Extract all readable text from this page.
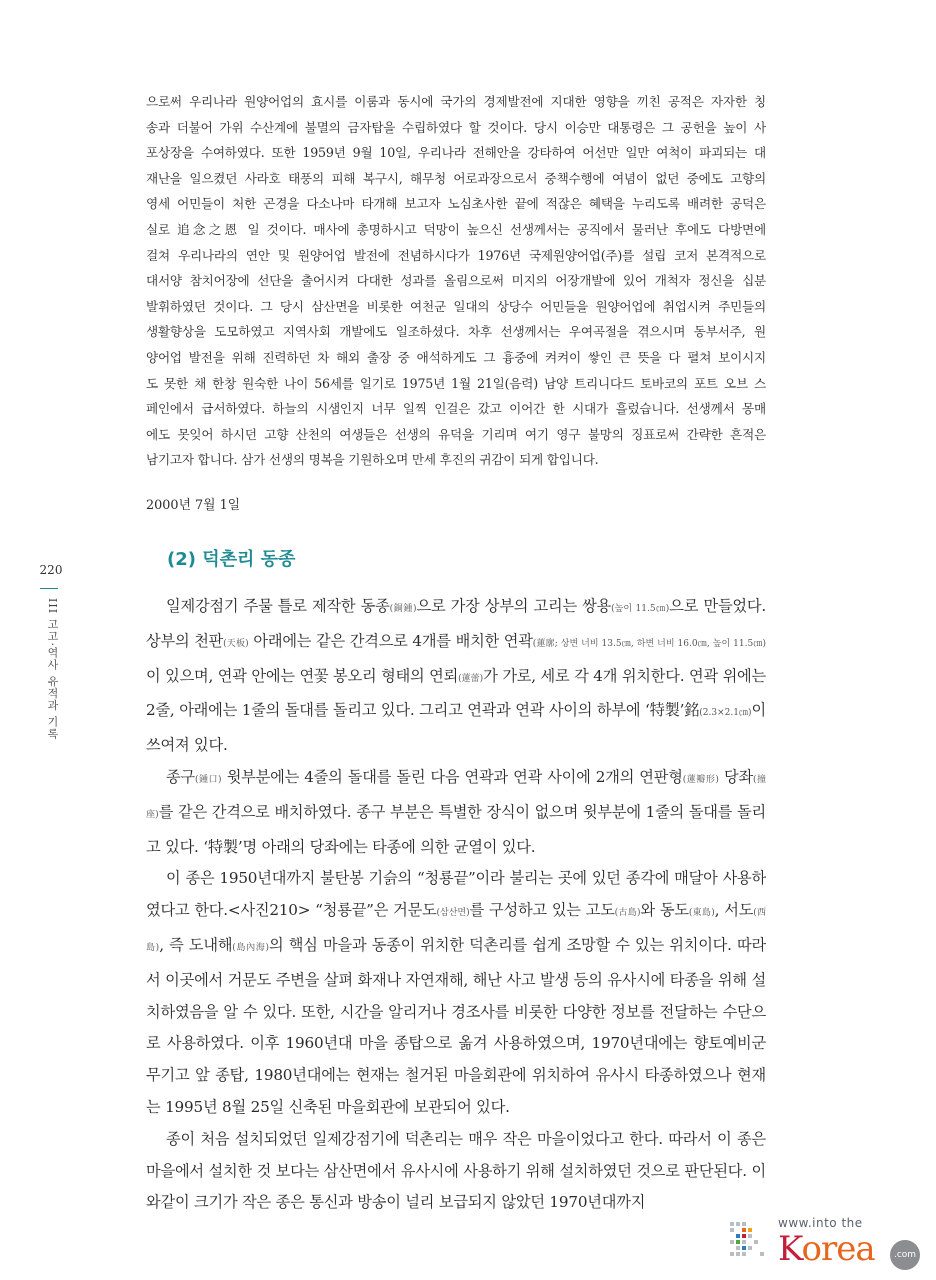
으로써 우리나라 원양어업의 효시를 이룸과 동시에 국가의 경제발전에 지대한 영향을 끼친 공적은 자자한 칭
송과 더불어 가위 수산계에 불멸의 금자탑을 수립하였다 할 것이다. 당시 이승만 대통령은 그 공헌을 높이 사
포상장을 수여하였다. 또한 1959년 9월 10일, 우리나라 전해안을 강타하여 어선만 일만 여척이 파괴되는 대
재난을 일으켰던 사라호 태풍의 피해 복구시, 해무청 어로과장으로서 중책수행에 여념이 없던 중에도 고향의
영세 어민들이 처한 곤경을 다소나마 타개해 보고자 노심초사한 끝에 적잖은 혜택을 누리도록 배려한 공덕은
실로 追念之恩 일 것이다. 매사에 총명하시고 덕망이 높으신 선생께서는 공직에서 물러난 후에도 다방면에
걸쳐 우리나라의 연안 및 원양어업 발전에 전념하시다가 1976년 국제원양어업(주)를 설립 코저 본격적으로
대서양 참치어장에 선단을 출어시켜 다대한 성과를 올림으로써 미지의 어장개발에 있어 개척자 정신을 십분
발휘하였던 것이다. 그 당시 삼산면을 비롯한 여천군 일대의 상당수 어민들을 원양어업에 취업시켜 주민들의
생활향상을 도모하였고 지역사회 개발에도 일조하셨다. 차후 선생께서는 우여곡절을 겪으시며 동부서주, 원
양어업 발전을 위해 진력하던 차 해외 출장 중 애석하게도 그 흉중에 켜켜이 쌓인 큰 뜻을 다 펼쳐 보이시지
도 못한 채 한창 원숙한 나이 56세를 일기로 1975년 1월 21일(음력) 남양 트리니다드 토바코의 포트 오브 스
페인에서 급서하였다. 하늘의 시샘인지 너무 일찍 인걸은 갔고 이어간 한 시대가 흘렀습니다. 선생께서 몽매
에도 못잊어 하시던 고향 산천의 여생들은 선생의 유덕을 기리며 여기 영구 불망의 징표로써 간략한 흔적은
남기고자 합니다. 삼가 선생의 명복을 기원하오며 만세 후진의 귀감이 되게 합입니다.
2000년 7월 1일
(2) 덕촌리 동종
220
III 고고·역사 유적과 기록	일제강점기 주물 틀로 제작한 동종(銅鍾)으로 가장 상부의 고리는 쌍용(높이 11.5㎝)으로 만들었다. 상부의 천판(天板) 아래에는 같은 간격으로 4개를 배치한 연곽(蓮廓; 상변 너비 13.5㎝, 하변 너비 16.0㎝, 높이 11.5㎝)이 있으며, 연곽 안에는 연꽃 봉오리 형태의 연뢰(蓮蕾)가 가로, 세로 각 4개 위치한다. 연곽 위에는 2줄, 아래에는 1줄의 돌대를 돌리고 있다. 그리고 연곽과 연곽 사이의 하부에 ‘特製’銘(2.3×2.1㎝)이 쓰여져 있다.

종구(鍾口) 윗부분에는 4줄의 돌대를 돌린 다음 연곽과 연곽 사이에 2개의 연판형(蓮瓣形) 당좌(撞座)를 같은 간격으로 배치하였다. 종구 부분은 특별한 장식이 없으며 윗부분에 1줄의 돌대를 돌리고 있다. ‘特製’명 아래의 당좌에는 타종에 의한 균열이 있다.

이 종은 1950년대까지 불탄봉 기슭의 “청룡끝”이라 불리는 곳에 있던 종각에 매달아 사용하였다고 한다.<사진210> “청룡끝”은 거문도(삼산면)를 구성하고 있는 고도(古島)와 동도(東島), 서도(西島), 즉 도내해(島內海)의 핵심 마을과 동종이 위치한 덕촌리를 쉽게 조망할 수 있는 위치이다. 따라서 이곳에서 거문도 주변을 살펴 화재나 자연재해, 해난 사고 발생 등의 유사시에 타종을 위해 설치하였음을 알 수 있다. 또한, 시간을 알리거나 경조사를 비롯한 다양한 정보를 전달하는 수단으로 사용하였다. 이후 1960년대 마을 종탑으로 옮겨 사용하였으며, 1970년대에는 향토예비군 무기고 앞 종탑, 1980년대에는 현재는 철거된 마을회관에 위치하여 유사시 타종하였으나 현재는 1995년 8월 25일 신축된 마을회관에 보관되어 있다.

종이 처음 설치되었던 일제강점기에 덕촌리는 매우 작은 마을이었다고 한다. 따라서 이 종은 마을에서 설치한 것 보다는 삼산면에서 유사시에 사용하기 위해 설치하였던 것으로 판단된다. 이와같이 크기가 작은 종은 통신과 방송이 널리 보급되지 않았던 1970년대까지

www.into the
Korea	.com
